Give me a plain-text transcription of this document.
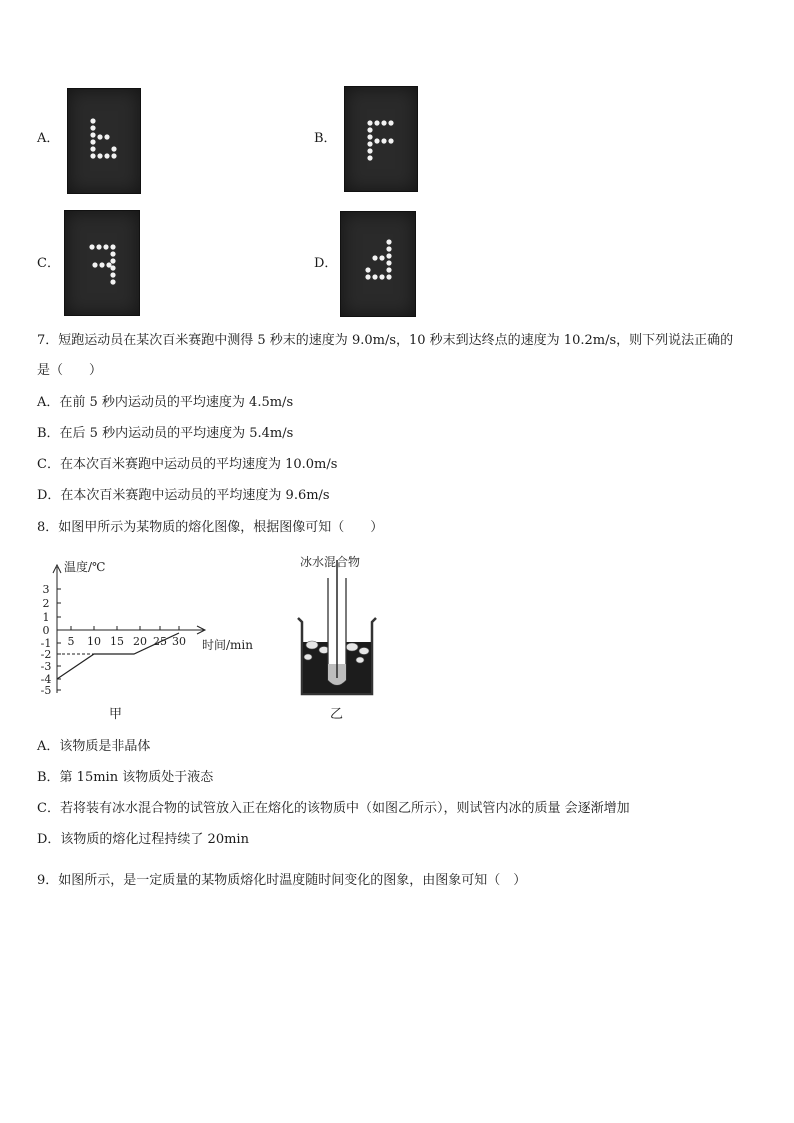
A．	B．
C．	D．
7．短跑运动员在某次百米赛跑中测得 5 秒末的速度为 9.0m/s，10 秒末到达终点的速度为 10.2m/s，则下列说法正确的
是（　　）
A．在前 5 秒内运动员的平均速度为 4.5m/s
B．在后 5 秒内运动员的平均速度为 5.4m/s
C．在本次百米赛跑中运动员的平均速度为 10.0m/s
D．在本次百米赛跑中运动员的平均速度为 9.6m/s
8．如图甲所示为某物质的熔化图像，根据图像可知（　　）
温度/℃
时间/min
3
2
1
0
-1
-2
-3
-4
-5
5 10 15 20 25 30
甲
冰水混合物
乙
A．该物质是非晶体
B．第 15min 该物质处于液态
C．若将装有冰水混合物的试管放入正在熔化的该物质中（如图乙所示），则试管内冰的质量 会逐渐增加
D．该物质的熔化过程持续了 20min
9．如图所示，是一定质量的某物质熔化时温度随时间变化的图象，由图象可知（　）
